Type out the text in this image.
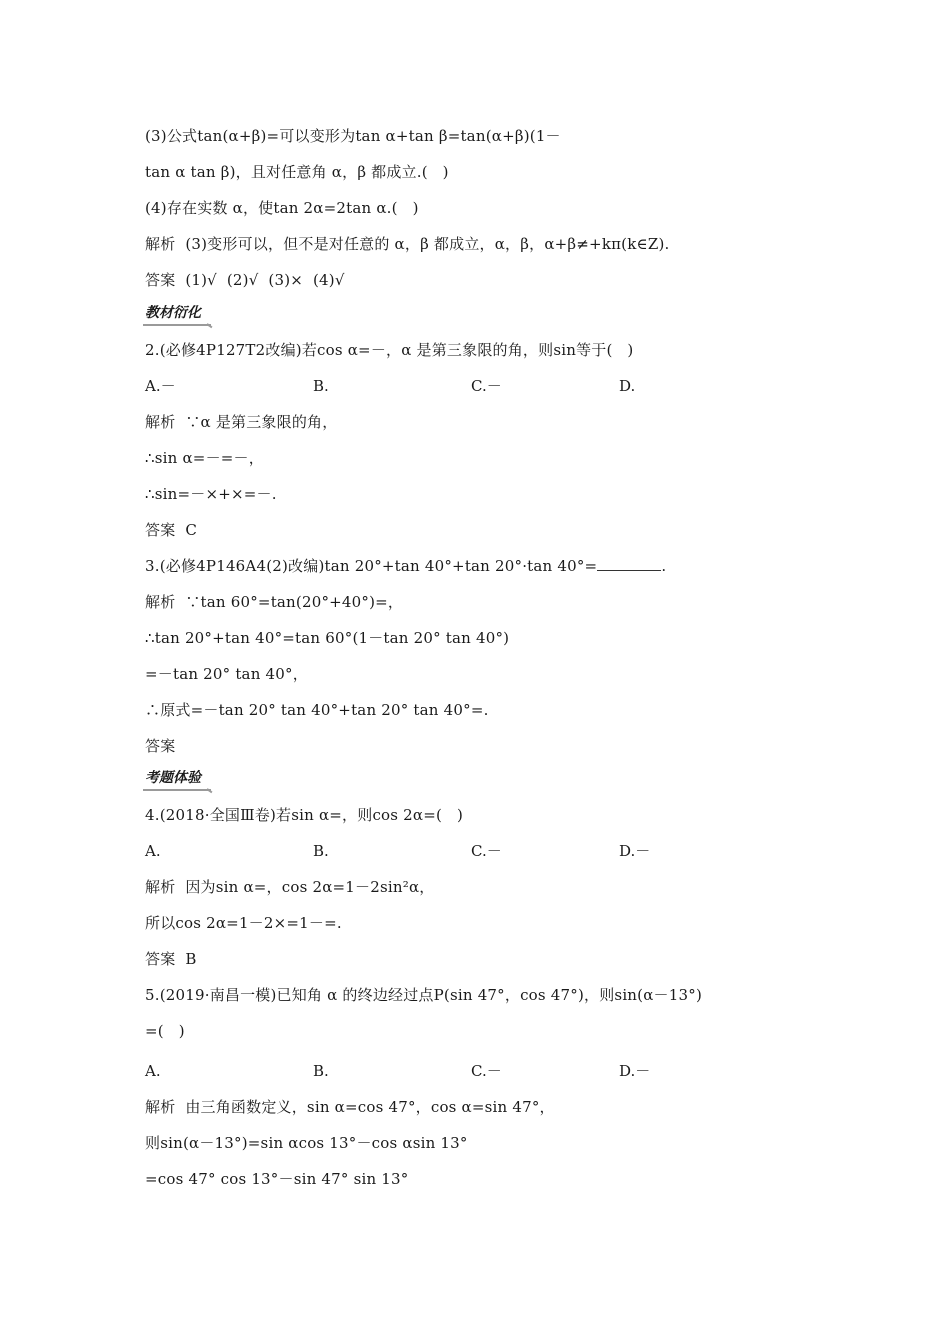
(3)公式tan(α+β)=可以变形为tan α+tan β=tan(α+β)(1－
tan α tan β)，且对任意角 α，β 都成立.(   )
(4)存在实数 α，使tan 2α=2tan α.(   )
解析  (3)变形可以，但不是对任意的 α，β 都成立，α，β，α+β≠+kπ(k∈Z).
答案  (1)√  (2)√  (3)×  (4)√
教材衍化
2.(必修4P127T2改编)若cos α=－，α 是第三象限的角，则sin等于(   )
A.－	B.	C.－	D.
解析  ∵α 是第三象限的角，
∴sin α=－=－，
∴sin=－×+×=－.
答案  C
3.(必修4P146A4(2)改编)tan 20°+tan 40°+tan 20°·tan 40°=	.
解析  ∵tan 60°=tan(20°+40°)=，
∴tan 20°+tan 40°=tan 60°(1－tan 20° tan 40°)
=－tan 20° tan 40°，
∴原式=－tan 20° tan 40°+tan 20° tan 40°=.
答案
考题体验
4.(2018·全国Ⅲ卷)若sin α=，则cos 2α=(   )
A.	B.	C.－	D.－
解析  因为sin α=，cos 2α=1－2sin²α，
所以cos 2α=1－2×=1－=.
答案  B
5.(2019·南昌一模)已知角 α 的终边经过点P(sin 47°，cos 47°)，则sin(α－13°)
=(   )
A.	B.	C.－	D.－
解析  由三角函数定义，sin α=cos 47°，cos α=sin 47°，
则sin(α－13°)=sin αcos 13°－cos αsin 13°
=cos 47° cos 13°－sin 47° sin 13°
